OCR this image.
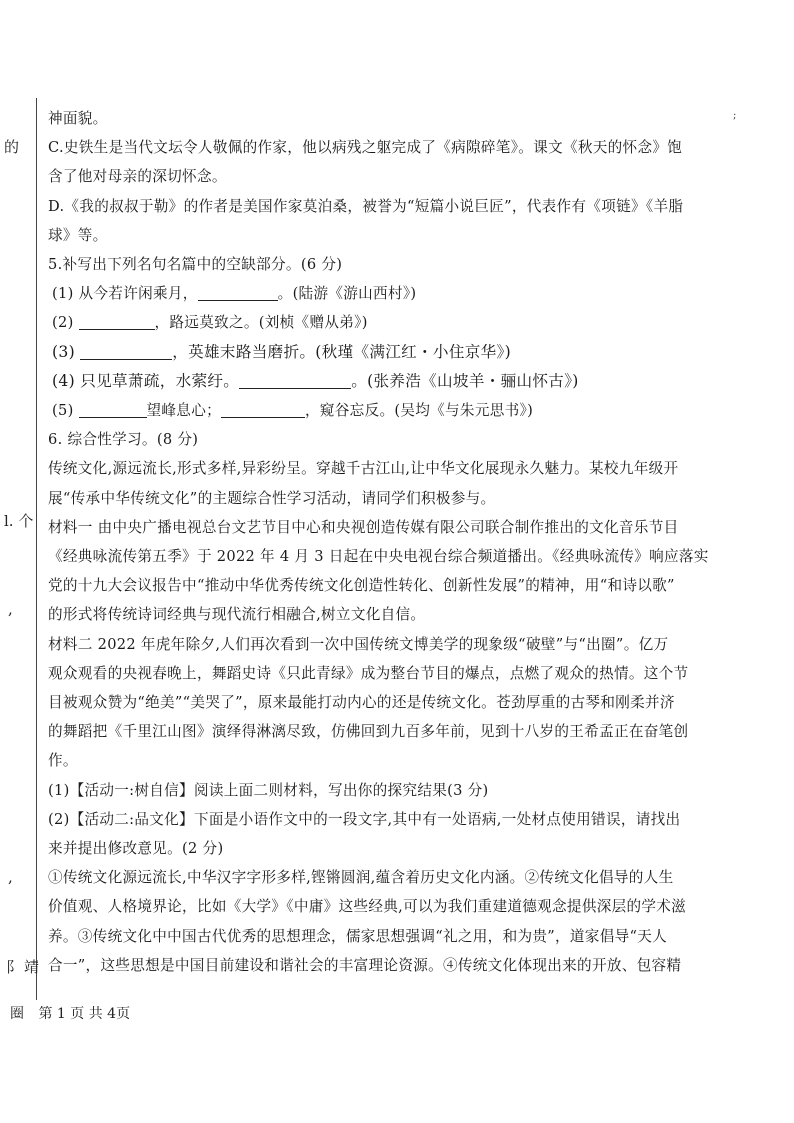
的
l. 个
,
,
阝 靖
;

神面貌。

C.史铁生是当代文坛令人敬佩的作家，他以病残之躯完成了《病隙碎笔》。课文《秋天的怀念》饱

含了他对母亲的深切怀念。

D.《我的叔叔于勒》的作者是美国作家莫泊桑，被誉为“短篇小说巨匠”，代表作有《项链》《羊脂

球》等。

5.补写出下列名句名篇中的空缺部分。(6 分)

(1) 从今若许闲乘月，	。(陆游《游山西村》)

(2)	，路远莫致之。(刘桢《赠从弟》)

(3)	，英雄末路当磨折。(秋瑾《满江红・小住京华》)

(4) 只见草萧疏，水萦纡。	。(张养浩《山坡羊・骊山怀古》)

(5)	望峰息心；	，窥谷忘反。(吴均《与朱元思书》)

6. 综合性学习。(8 分)

传统文化,源远流长,形式多样,异彩纷呈。穿越千古江山,让中华文化展现永久魅力。某校九年级开

展“传承中华传统文化”的主题综合性学习活动，请同学们积极参与。

材料一 由中央广播电视总台文艺节目中心和央视创造传媒有限公司联合制作推出的文化音乐节目

《经典咏流传第五季》于 2022 年 4 月 3 日起在中央电视台综合频道播出。《经典咏流传》响应落实

党的十九大会议报告中“推动中华优秀传统文化创造性转化、创新性发展”的精神，用“和诗以歌”

的形式将传统诗词经典与现代流行相融合,树立文化自信。

材料二 2022 年虎年除夕,人们再次看到一次中国传统文博美学的现象级“破壁”与“出圈”。亿万

观众观看的央视春晚上，舞蹈史诗《只此青绿》成为整台节目的爆点，点燃了观众的热情。这个节

目被观众赞为“绝美”“美哭了”，原来最能打动内心的还是传统文化。苍劲厚重的古琴和刚柔并济

的舞蹈把《千里江山图》演绎得淋漓尽致，仿佛回到九百多年前，见到十八岁的王希孟正在奋笔创

作。

(1)【活动一:树自信】阅读上面二则材料，写出你的探究结果(3 分)

(2)【活动二:品文化】下面是小语作文中的一段文字,其中有一处语病,一处材点使用错误，请找出

来并提出修改意见。(2 分)

①传统文化源远流长,中华汉字字形多样,铿锵圆润,蕴含着历史文化内涵。②传统文化倡导的人生

价值观、人格境界论，比如《大学》《中庸》这些经典,可以为我们重建道德观念提供深层的学术滋

养。③传统文化中中国古代优秀的思想理念，儒家思想强调“礼之用，和为贵”，道家倡导“天人

合一”，这些思想是中国目前建设和谐社会的丰富理论资源。④传统文化体现出来的开放、包容精

圈 第 1 页 共 4页
